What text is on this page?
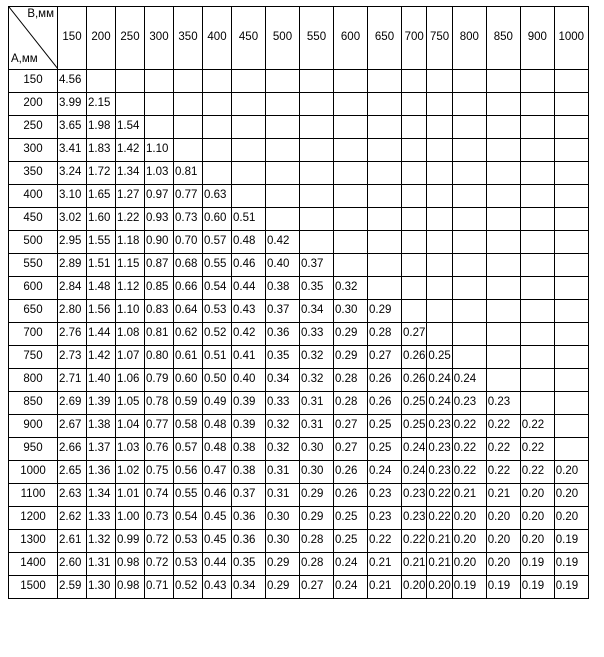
B,мм
A,мм	150	200	250	300	350	400	450	500	550	600	650	700	750	800	850	900	1000
150	4.56																
200	3.99	2.15															
250	3.65	1.98	1.54														
300	3.41	1.83	1.42	1.10													
350	3.24	1.72	1.34	1.03	0.81												
400	3.10	1.65	1.27	0.97	0.77	0.63											
450	3.02	1.60	1.22	0.93	0.73	0.60	0.51										
500	2.95	1.55	1.18	0.90	0.70	0.57	0.48	0.42									
550	2.89	1.51	1.15	0.87	0.68	0.55	0.46	0.40	0.37								
600	2.84	1.48	1.12	0.85	0.66	0.54	0.44	0.38	0.35	0.32							
650	2.80	1.56	1.10	0.83	0.64	0.53	0.43	0.37	0.34	0.30	0.29						
700	2.76	1.44	1.08	0.81	0.62	0.52	0.42	0.36	0.33	0.29	0.28	0.27					
750	2.73	1.42	1.07	0.80	0.61	0.51	0.41	0.35	0.32	0.29	0.27	0.26	0.25				
800	2.71	1.40	1.06	0.79	0.60	0.50	0.40	0.34	0.32	0.28	0.26	0.26	0.24	0.24			
850	2.69	1.39	1.05	0.78	0.59	0.49	0.39	0.33	0.31	0.28	0.26	0.25	0.24	0.23	0.23		
900	2.67	1.38	1.04	0.77	0.58	0.48	0.39	0.32	0.31	0.27	0.25	0.25	0.23	0.22	0.22	0.22	
950	2.66	1.37	1.03	0.76	0.57	0.48	0.38	0.32	0.30	0.27	0.25	0.24	0.23	0.22	0.22	0.22	
1000	2.65	1.36	1.02	0.75	0.56	0.47	0.38	0.31	0.30	0.26	0.24	0.24	0.23	0.22	0.22	0.22	0.20
1100	2.63	1.34	1.01	0.74	0.55	0.46	0.37	0.31	0.29	0.26	0.23	0.23	0.22	0.21	0.21	0.20	0.20
1200	2.62	1.33	1.00	0.73	0.54	0.45	0.36	0.30	0.29	0.25	0.23	0.23	0.22	0.20	0.20	0.20	0.20
1300	2.61	1.32	0.99	0.72	0.53	0.45	0.36	0.30	0.28	0.25	0.22	0.22	0.21	0.20	0.20	0.20	0.19
1400	2.60	1.31	0.98	0.72	0.53	0.44	0.35	0.29	0.28	0.24	0.21	0.21	0.21	0.20	0.20	0.19	0.19
1500	2.59	1.30	0.98	0.71	0.52	0.43	0.34	0.29	0.27	0.24	0.21	0.20	0.20	0.19	0.19	0.19	0.19
